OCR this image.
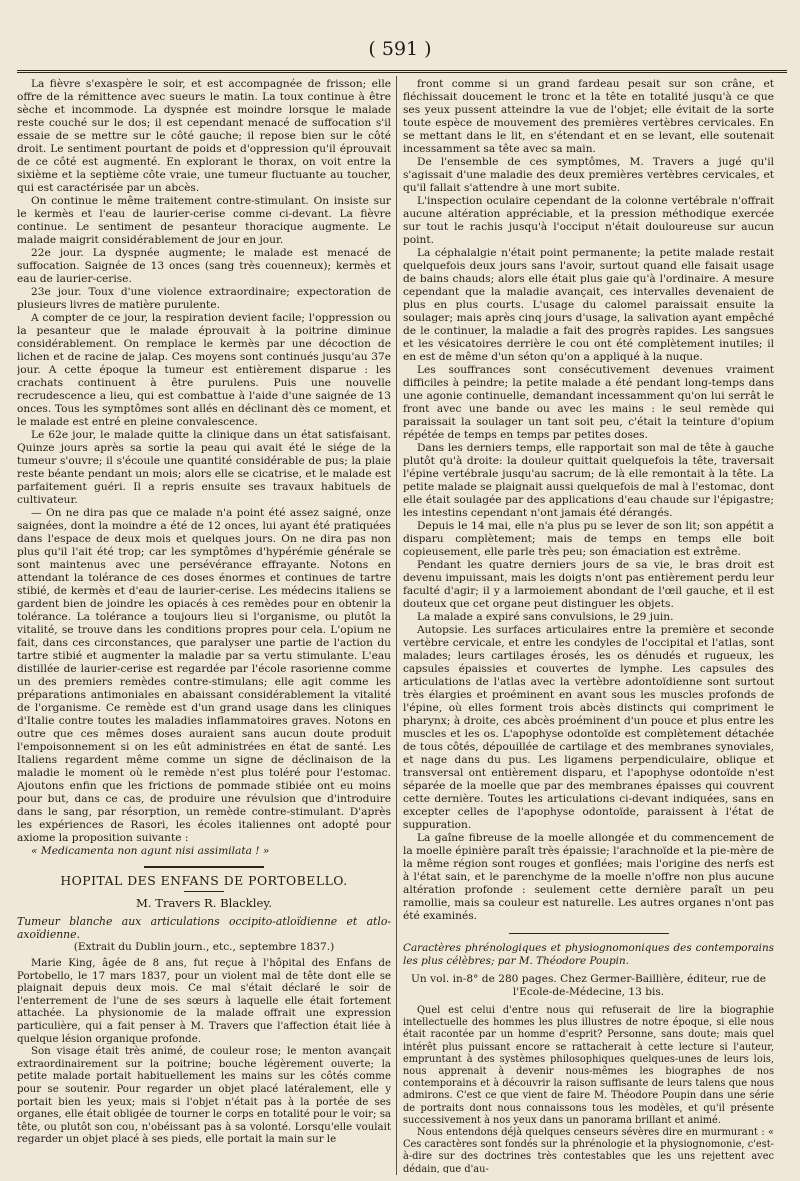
( 591 )

La fièvre s'exaspère le soir, et est accompagnée de frisson; elle offre de la rémittence avec sueurs le matin. La toux continue à être sèche et incommode. La dyspnée est moindre lorsque le malade reste couché sur le dos; il est cependant menacé de suffocation s'il essaie de se mettre sur le côté gauche; il repose bien sur le côté droit. Le sentiment pourtant de poids et d'oppression qu'il éprouvait de ce côté est augmenté. En explorant le thorax, on voit entre la sixième et la septième côte vraie, une tumeur fluctuante au toucher, qui est caractérisée par un abcès.

On continue le même traitement contre-stimulant. On insiste sur le kermès et l'eau de laurier-cerise comme ci-devant. La fièvre continue. Le sentiment de pesanteur thoracique augmente. Le malade maigrit considérablement de jour en jour.

22e jour. La dyspnée augmente; le malade est menacé de suffocation. Saignée de 13 onces (sang très couenneux); kermès et eau de laurier-cerise.

23e jour. Toux d'une violence extraordinaire; expectoration de plusieurs livres de matière purulente.

A compter de ce jour, la respiration devient facile; l'oppression ou la pesanteur que le malade éprouvait à la poitrine diminue considérablement. On remplace le kermès par une décoction de lichen et de racine de jalap. Ces moyens sont continués jusqu'au 37e jour. A cette époque la tumeur est entièrement disparue : les crachats continuent à être purulens. Puis une nouvelle recrudescence a lieu, qui est combattue à l'aide d'une saignée de 13 onces. Tous les symptômes sont allés en déclinant dès ce moment, et le malade est entré en pleine convalescence.

Le 62e jour, le malade quitte la clinique dans un état satisfaisant. Quinze jours après sa sortie la peau qui avait été le siége de la tumeur s'ouvre; il s'écoule une quantité considérable de pus; la plaie reste béante pendant un mois; alors elle se cicatrise, et le malade est parfaitement guéri. Il a repris ensuite ses travaux habituels de cultivateur.

— On ne dira pas que ce malade n'a point été assez saigné, onze saignées, dont la moindre a été de 12 onces, lui ayant été pratiquées dans l'espace de deux mois et quelques jours. On ne dira pas non plus qu'il l'ait été trop; car les symptômes d'hypérémie générale se sont maintenus avec une persévérance effrayante. Notons en attendant la tolérance de ces doses énormes et continues de tartre stibié, de kermès et d'eau de laurier-cerise. Les médecins italiens se gardent bien de joindre les opiacés à ces remèdes pour en obtenir la tolérance. La tolérance a toujours lieu si l'organisme, ou plutôt la vitalité, se trouve dans les conditions propres pour cela. L'opium ne fait, dans ces circonstances, que paralyser une partie de l'action du tartre stibié et augmenter la maladie par sa vertu stimulante. L'eau distillée de laurier-cerise est regardée par l'école rasorienne comme un des premiers remèdes contre-stimulans; elle agit comme les préparations antimoniales en abaissant considérablement la vitalité de l'organisme. Ce remède est d'un grand usage dans les cliniques d'Italie contre toutes les maladies inflammatoires graves. Notons en outre que ces mêmes doses auraient sans aucun doute produit l'empoisonnement si on les eût administrées en état de santé. Les Italiens regardent même comme un signe de déclinaison de la maladie le moment où le remède n'est plus toléré pour l'estomac. Ajoutons enfin que les frictions de pommade stibiée ont eu moins pour but, dans ce cas, de produire une révulsion que d'introduire dans le sang, par résorption, un remède contre-stimulant. D'après les expériences de Rasori, les écoles italiennes ont adopté pour axiome la proposition suivante :

« Medicamenta non agunt nisi assimilata ! »

HOPITAL DES ENFANS DE PORTOBELLO.

M. Travers R. Blackley.

Tumeur blanche aux articulations occipito-atloïdienne et atlo-axoïdienne.

(Extrait du Dublin journ., etc., septembre 1837.)

Marie King, âgée de 8 ans, fut reçue à l'hôpital des Enfans de Portobello, le 17 mars 1837, pour un violent mal de tête dont elle se plaignait depuis deux mois. Ce mal s'était déclaré le soir de l'enterrement de l'une de ses sœurs à laquelle elle était fortement attachée. La physionomie de la malade offrait une expression particulière, qui a fait penser à M. Travers que l'affection était liée à quelque lésion organique profonde.

Son visage était très animé, de couleur rose; le menton avançait extraordinairement sur la poitrine; bouche légèrement ouverte; la petite malade portait habituellement les mains sur les côtés comme pour se soutenir. Pour regarder un objet placé latéralement, elle y portait bien les yeux; mais si l'objet n'était pas à la portée de ses organes, elle était obligée de tourner le corps en totalité pour le voir; sa tête, ou plutôt son cou, n'obéissant pas à sa volonté. Lorsqu'elle voulait regarder un objet placé à ses pieds, elle portait la main sur le

front comme si un grand fardeau pesait sur son crâne, et fléchissait doucement le tronc et la tête en totalité jusqu'à ce que ses yeux pussent atteindre la vue de l'objet; elle évitait de la sorte toute espèce de mouvement des premières vertèbres cervicales. En se mettant dans le lit, en s'étendant et en se levant, elle soutenait incessamment sa tête avec sa main.

De l'ensemble de ces symptômes, M. Travers a jugé qu'il s'agissait d'une maladie des deux premières vertèbres cervicales, et qu'il fallait s'attendre à une mort subite.

L'inspection oculaire cependant de la colonne vertébrale n'offrait aucune altération appréciable, et la pression méthodique exercée sur tout le rachis jusqu'à l'occiput n'était douloureuse sur aucun point.

La céphalalgie n'était point permanente; la petite malade restait quelquefois deux jours sans l'avoir, surtout quand elle faisait usage de bains chauds; alors elle était plus gaie qu'à l'ordinaire. A mesure cependant que la maladie avançait, ces intervalles devenaient de plus en plus courts. L'usage du calomel paraissait ensuite la soulager; mais après cinq jours d'usage, la salivation ayant empêché de le continuer, la maladie a fait des progrès rapides. Les sangsues et les vésicatoires derrière le cou ont été complètement inutiles; il en est de même d'un séton qu'on a appliqué à la nuque.

Les souffrances sont consécutivement devenues vraiment difficiles à peindre; la petite malade a été pendant long-temps dans une agonie continuelle, demandant incessamment qu'on lui serrât le front avec une bande ou avec les mains : le seul remède qui paraissait la soulager un tant soit peu, c'était la teinture d'opium répétée de temps en temps par petites doses.

Dans les derniers temps, elle rapportait son mal de tête à gauche plutôt qu'à droite: la douleur quittait quelquefois la tête, traversait l'épine vertébrale jusqu'au sacrum; de là elle remontait à la tête. La petite malade se plaignait aussi quelquefois de mal à l'estomac, dont elle était soulagée par des applications d'eau chaude sur l'épigastre; les intestins cependant n'ont jamais été dérangés.

Depuis le 14 mai, elle n'a plus pu se lever de son lit; son appétit a disparu complètement; mais de temps en temps elle boit copieusement, elle parle très peu; son émaciation est extrême.

Pendant les quatre derniers jours de sa vie, le bras droit est devenu impuissant, mais les doigts n'ont pas entièrement perdu leur faculté d'agir; il y a larmoiement abondant de l'œil gauche, et il est douteux que cet organe peut distinguer les objets.

La malade a expiré sans convulsions, le 29 juin.

Autopsie. Les surfaces articulaires entre la première et seconde vertèbre cervicale, et entre les condyles de l'occipital et l'atlas, sont malades; leurs cartilages érosés, les os dénudés et rugueux, les capsules épaissies et couvertes de lymphe. Les capsules des articulations de l'atlas avec la vertèbre adontoïdienne sont surtout très élargies et proéminent en avant sous les muscles profonds de l'épine, où elles forment trois abcès distincts qui compriment le pharynx; à droite, ces abcès proéminent d'un pouce et plus entre les muscles et les os. L'apophyse odontoïde est complètement détachée de tous côtés, dépouillée de cartilage et des membranes synoviales, et nage dans du pus. Les ligamens perpendiculaire, oblique et transversal ont entièrement disparu, et l'apophyse odontoïde n'est séparée de la moelle que par des membranes épaisses qui couvrent cette dernière. Toutes les articulations ci-devant indiquées, sans en excepter celles de l'apophyse odontoïde, paraissent à l'état de suppuration.

La gaîne fibreuse de la moelle allongée et du commencement de la moelle épinière paraît très épaissie; l'arachnoïde et la pie-mère de la même région sont rouges et gonflées; mais l'origine des nerfs est à l'état sain, et le parenchyme de la moelle n'offre non plus aucune altération profonde : seulement cette dernière paraît un peu ramollie, mais sa couleur est naturelle. Les autres organes n'ont pas été examinés.

Caractères phrénologiques et physiognomoniques des contemporains les plus célèbres; par M. Théodore Poupin.

Un vol. in-8° de 280 pages. Chez Germer-Baillière, éditeur, rue de l'Ecole-de-Médecine, 13 bis.

Quel est celui d'entre nous qui refuserait de lire la biographie intellectuelle des hommes les plus illustres de notre époque, si elle nous était racontée par un homme d'esprit? Personne, sans doute; mais quel intérêt plus puissant encore se rattacherait à cette lecture si l'auteur, empruntant à des systèmes philosophiques quelques-unes de leurs lois, nous apprenait à devenir nous-mêmes les biographes de nos contemporains et à découvrir la raison suffisante de leurs talens que nous admirons. C'est ce que vient de faire M. Théodore Poupin dans une série de portraits dont nous connaissons tous les modèles, et qu'il présente successivement à nos yeux dans un panorama brillant et animé.

Nous entendons déjà quelques censeurs sévères dire en murmurant : « Ces caractères sont fondés sur la phrénologie et la physiognomonie, c'est-à-dire sur des doctrines très contestables que les uns rejettent avec dédain, que d'au-
